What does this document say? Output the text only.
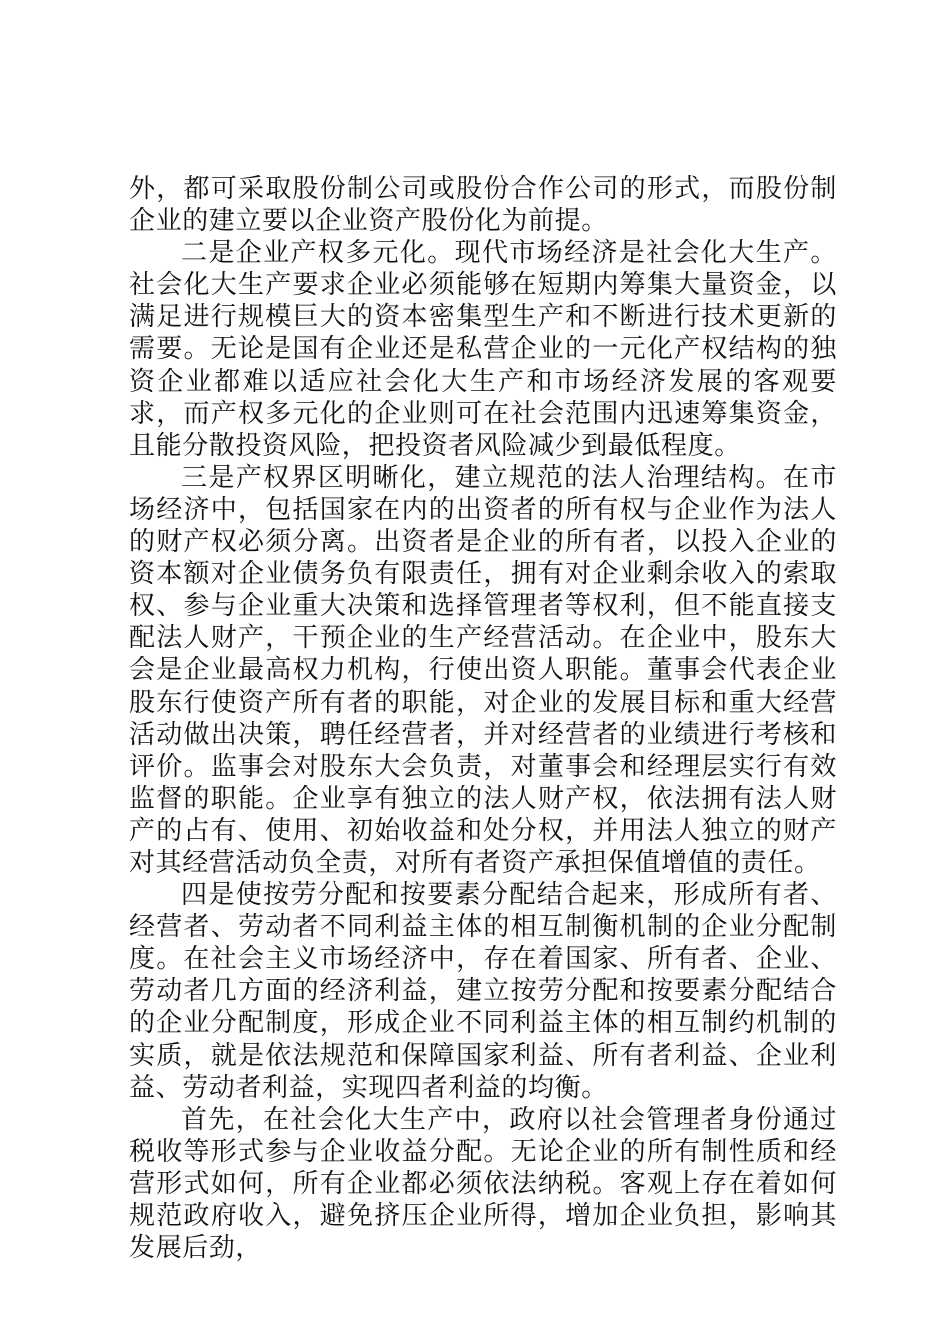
外，都可采取股份制公司或股份合作公司的形式，而股份制企业的建立要以企业资产股份化为前提。

二是企业产权多元化。现代市场经济是社会化大生产。社会化大生产要求企业必须能够在短期内筹集大量资金，以满足进行规模巨大的资本密集型生产和不断进行技术更新的需要。无论是国有企业还是私营企业的一元化产权结构的独资企业都难以适应社会化大生产和市场经济发展的客观要求，而产权多元化的企业则可在社会范围内迅速筹集资金，且能分散投资风险，把投资者风险减少到最低程度。

三是产权界区明晰化，建立规范的法人治理结构。在市场经济中，包括国家在内的出资者的所有权与企业作为法人的财产权必须分离。出资者是企业的所有者，以投入企业的资本额对企业债务负有限责任，拥有对企业剩余收入的索取权、参与企业重大决策和选择管理者等权利，但不能直接支配法人财产，干预企业的生产经营活动。在企业中，股东大会是企业最高权力机构，行使出资人职能。董事会代表企业股东行使资产所有者的职能，对企业的发展目标和重大经营活动做出决策，聘任经营者，并对经营者的业绩进行考核和评价。监事会对股东大会负责，对董事会和经理层实行有效监督的职能。企业享有独立的法人财产权，依法拥有法人财产的占有、使用、初始收益和处分权，并用法人独立的财产对其经营活动负全责，对所有者资产承担保值增值的责任。

四是使按劳分配和按要素分配结合起来，形成所有者、经营者、劳动者不同利益主体的相互制衡机制的企业分配制度。在社会主义市场经济中，存在着国家、所有者、企业、劳动者几方面的经济利益，建立按劳分配和按要素分配结合的企业分配制度，形成企业不同利益主体的相互制约机制的实质，就是依法规范和保障国家利益、所有者利益、企业利益、劳动者利益，实现四者利益的均衡。

首先，在社会化大生产中，政府以社会管理者身份通过税收等形式参与企业收益分配。无论企业的所有制性质和经营形式如何，所有企业都必须依法纳税。客观上存在着如何规范政府收入，避免挤压企业所得，增加企业负担，影响其发展后劲，
